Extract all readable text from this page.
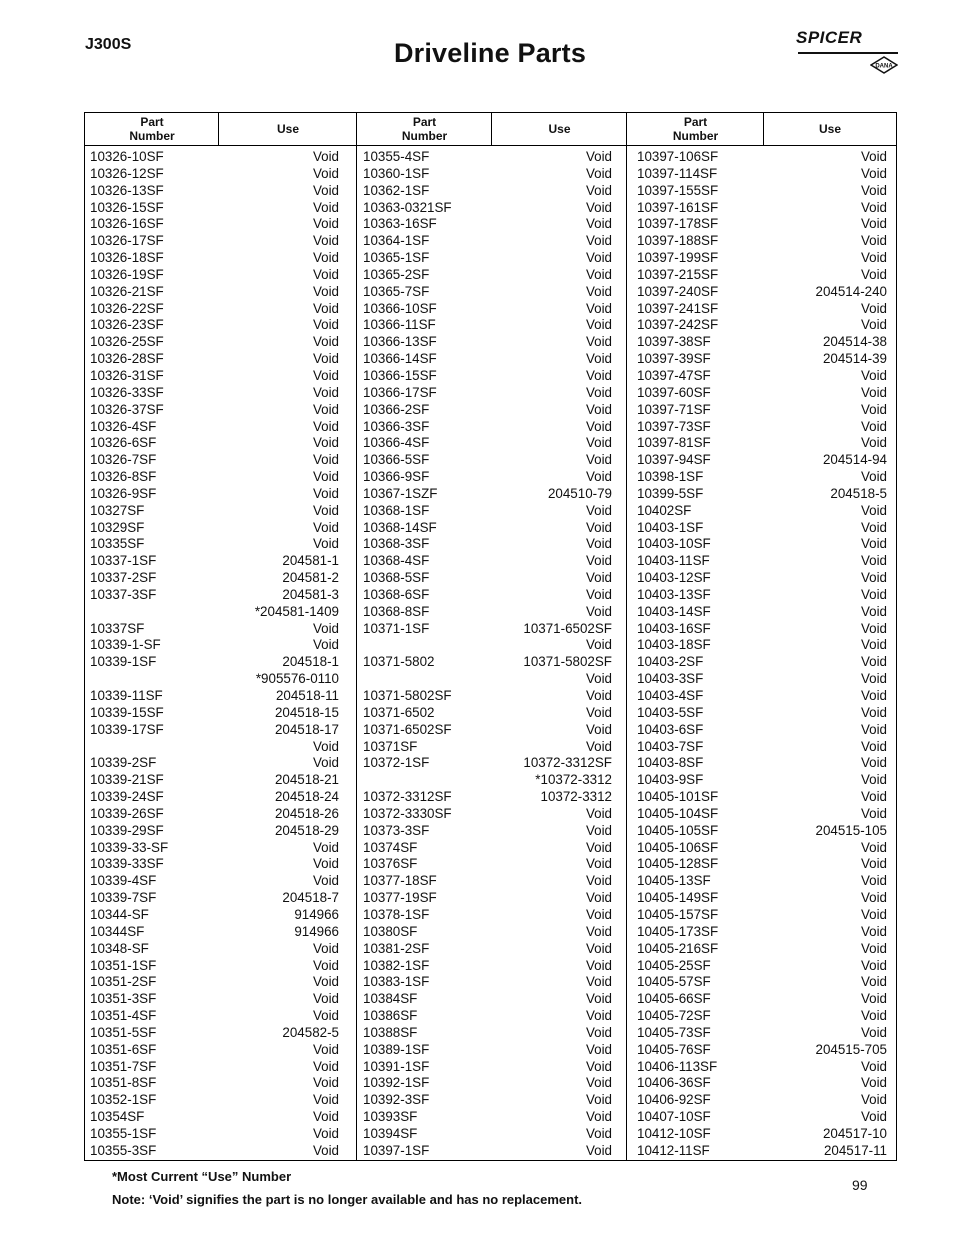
J300S	Driveline Parts
SPICER
DANA
Part
Number	Use	Part
Number	Use	Part
Number	Use
10326-10SF	Void
10326-12SF	Void
10326-13SF	Void
10326-15SF	Void
10326-16SF	Void
10326-17SF	Void
10326-18SF	Void
10326-19SF	Void
10326-21SF	Void
10326-22SF	Void
10326-23SF	Void
10326-25SF	Void
10326-28SF	Void
10326-31SF	Void
10326-33SF	Void
10326-37SF	Void
10326-4SF	Void
10326-6SF	Void
10326-7SF	Void
10326-8SF	Void
10326-9SF	Void
10327SF	Void
10329SF	Void
10335SF	Void
10337-1SF	204581-1
10337-2SF	204581-2
10337-3SF	204581-3
*204581-1409
10337SF	Void
10339-1-SF	Void
10339-1SF	204518-1
*905576-0110
10339-11SF	204518-11
10339-15SF	204518-15
10339-17SF	204518-17
Void
10339-2SF	Void
10339-21SF	204518-21
10339-24SF	204518-24
10339-26SF	204518-26
10339-29SF	204518-29
10339-33-SF	Void
10339-33SF	Void
10339-4SF	Void
10339-7SF	204518-7
10344-SF	914966
10344SF	914966
10348-SF	Void
10351-1SF	Void
10351-2SF	Void
10351-3SF	Void
10351-4SF	Void
10351-5SF	204582-5
10351-6SF	Void
10351-7SF	Void
10351-8SF	Void
10352-1SF	Void
10354SF	Void
10355-1SF	Void
10355-3SF	Void
10355-4SF	Void
10360-1SF	Void
10362-1SF	Void
10363-0321SF	Void
10363-16SF	Void
10364-1SF	Void
10365-1SF	Void
10365-2SF	Void
10365-7SF	Void
10366-10SF	Void
10366-11SF	Void
10366-13SF	Void
10366-14SF	Void
10366-15SF	Void
10366-17SF	Void
10366-2SF	Void
10366-3SF	Void
10366-4SF	Void
10366-5SF	Void
10366-9SF	Void
10367-1SZF	204510-79
10368-1SF	Void
10368-14SF	Void
10368-3SF	Void
10368-4SF	Void
10368-5SF	Void
10368-6SF	Void
10368-8SF	Void
10371-1SF	10371-6502SF
Void
10371-5802	10371-5802SF
Void
10371-5802SF	Void
10371-6502	Void
10371-6502SF	Void
10371SF	Void
10372-1SF	10372-3312SF
*10372-3312
10372-3312SF	10372-3312
10372-3330SF	Void
10373-3SF	Void
10374SF	Void
10376SF	Void
10377-18SF	Void
10377-19SF	Void
10378-1SF	Void
10380SF	Void
10381-2SF	Void
10382-1SF	Void
10383-1SF	Void
10384SF	Void
10386SF	Void
10388SF	Void
10389-1SF	Void
10391-1SF	Void
10392-1SF	Void
10392-3SF	Void
10393SF	Void
10394SF	Void
10397-1SF	Void
10397-106SF	Void
10397-114SF	Void
10397-155SF	Void
10397-161SF	Void
10397-178SF	Void
10397-188SF	Void
10397-199SF	Void
10397-215SF	Void
10397-240SF	204514-240
10397-241SF	Void
10397-242SF	Void
10397-38SF	204514-38
10397-39SF	204514-39
10397-47SF	Void
10397-60SF	Void
10397-71SF	Void
10397-73SF	Void
10397-81SF	Void
10397-94SF	204514-94
10398-1SF	Void
10399-5SF	204518-5
10402SF	Void
10403-1SF	Void
10403-10SF	Void
10403-11SF	Void
10403-12SF	Void
10403-13SF	Void
10403-14SF	Void
10403-16SF	Void
10403-18SF	Void
10403-2SF	Void
10403-3SF	Void
10403-4SF	Void
10403-5SF	Void
10403-6SF	Void
10403-7SF	Void
10403-8SF	Void
10403-9SF	Void
10405-101SF	Void
10405-104SF	Void
10405-105SF	204515-105
10405-106SF	Void
10405-128SF	Void
10405-13SF	Void
10405-149SF	Void
10405-157SF	Void
10405-173SF	Void
10405-216SF	Void
10405-25SF	Void
10405-57SF	Void
10405-66SF	Void
10405-72SF	Void
10405-73SF	Void
10405-76SF	204515-705
10406-113SF	Void
10406-36SF	Void
10406-92SF	Void
10407-10SF	Void
10412-10SF	204517-10
10412-11SF	204517-11
*Most Current “Use” Number
Note: ‘Void’ signifies the part is no longer available and has no replacement.
99
